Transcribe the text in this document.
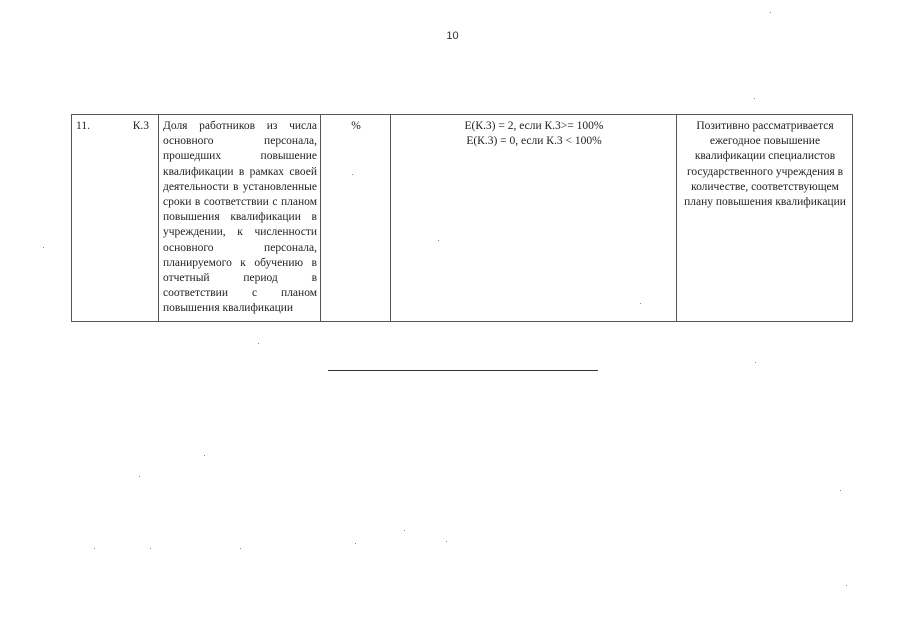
10
11.	К.3	Доля работников из числа основного персонала, прошедших повышение квалификации в рамках своей деятельности в установленные сроки в соответствии с планом повышения квалификации в учреждении, к численности основного персонала, планируемого к обучению в отчетный период в соответствии с планом повышения квалификации	%	Е(К.3) = 2, если К.3>= 100%
Е(К.3) = 0, если К.3 < 100%
	Позитивно рассматривается ежегодное повышение квалификации специалистов государственного учреждения в количестве, соответствующем плану повышения квалификации
